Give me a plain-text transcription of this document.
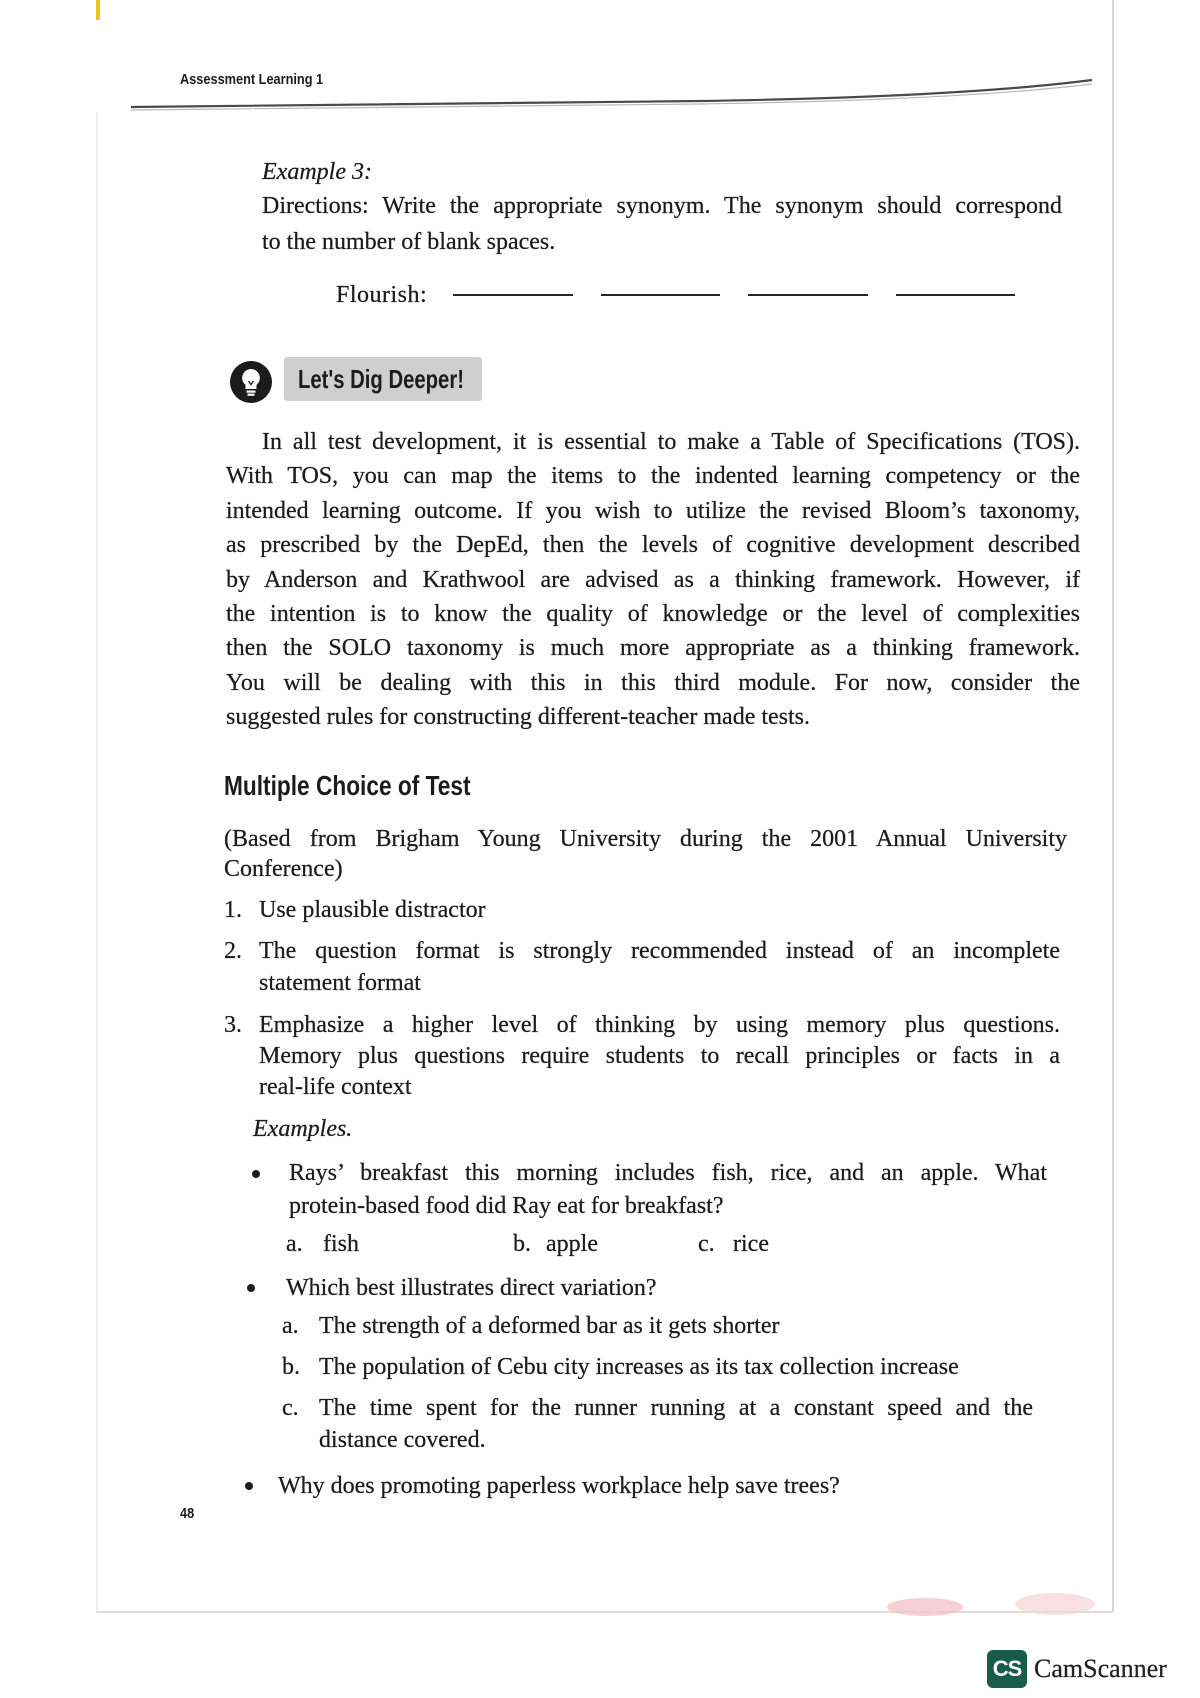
Assessment Learning 1
Example 3:
Directions: Write the appropriate synonym. The synonym should correspond
to the number of blank spaces.
Flourish:
Let's Dig Deeper!
In all test development, it is essential to make a Table of Specifications (TOS).
With TOS, you can map the items to the indented learning competency or the
intended learning outcome. If you wish to utilize the revised Bloom’s taxonomy,
as prescribed by the DepEd, then the levels of cognitive development described
by Anderson and Krathwool are advised as a thinking framework. However, if
the intention is to know the quality of knowledge or the level of complexities
then the SOLO taxonomy is much more appropriate as a thinking framework.
You will be dealing with this in this third module. For now, consider the
suggested rules for constructing different-teacher made tests.
Multiple Choice of Test
(Based from Brigham Young University during the 2001 Annual University
Conference)
1. Use plausible distractor
2. The question format is strongly recommended instead of an incomplete
statement format
3. Emphasize a higher level of thinking by using memory plus questions.
Memory plus questions require students to recall principles or facts in a
real-life context
Examples.
Rays’ breakfast this morning includes fish, rice, and an apple. What
protein-based food did Ray eat for breakfast?
a. fish	b. apple	c. rice
Which best illustrates direct variation?
a. The strength of a deformed bar as it gets shorter
b. The population of Cebu city increases as its tax collection increase
c. The time spent for the runner running at a constant speed and the
distance covered.
Why does promoting paperless workplace help save trees?
48
CS CamScanner
